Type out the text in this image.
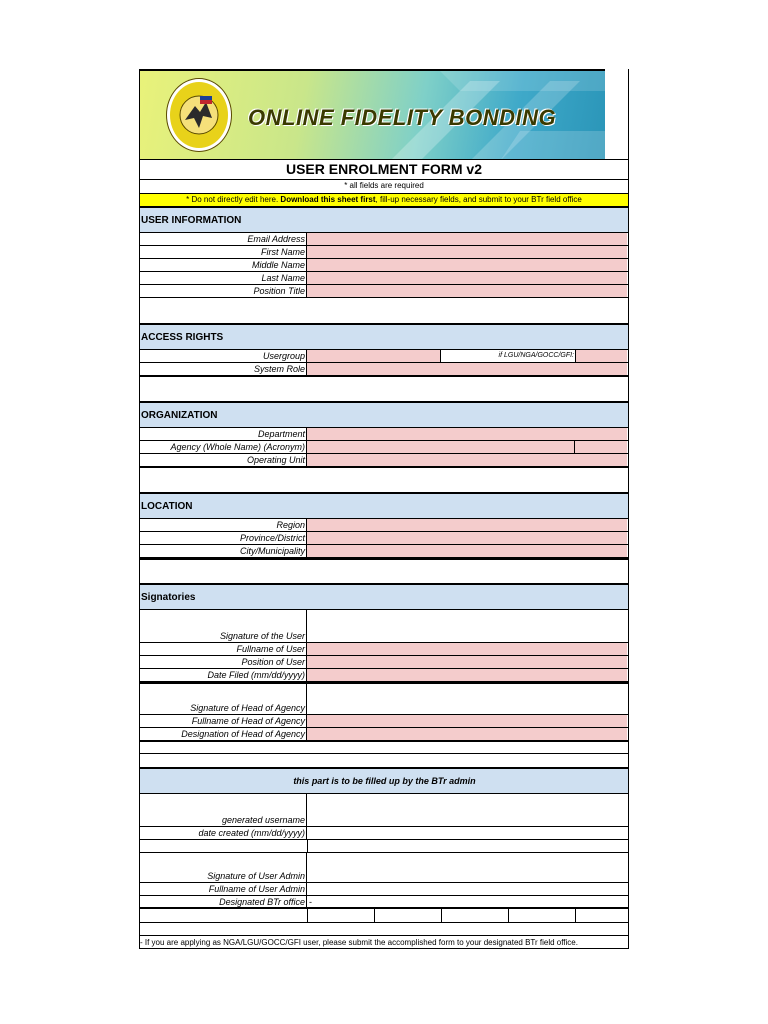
ONLINE FIDELITY BONDING
USER ENROLMENT FORM v2
* all fields are required
* Do not directly edit here. Download this sheet first, fill-up necessary fields, and submit to your BTr field office
USER INFORMATION
Email Address
First Name
Middle Name
Last Name
Position Title
ACCESS RIGHTS
Usergroup	if LGU/NGA/GOCC/GFI:
System Role
ORGANIZATION
Department
Agency (Whole Name) (Acronym)
Operating Unit
LOCATION
Region
Province/District
City/Municipality
Signatories
Signature of the User
Fullname of User
Position of User
Date Filed (mm/dd/yyyy)
Signature of Head of Agency
Fullname of Head of Agency
Designation of Head of Agency
this part is to be filled up by the BTr admin
generated username
date created (mm/dd/yyyy)
Signature of User Admin
Fullname of User Admin
Designated BTr office -
- If you are applying as NGA/LGU/GOCC/GFI user, please submit the accomplished form to your designated BTr field office.
